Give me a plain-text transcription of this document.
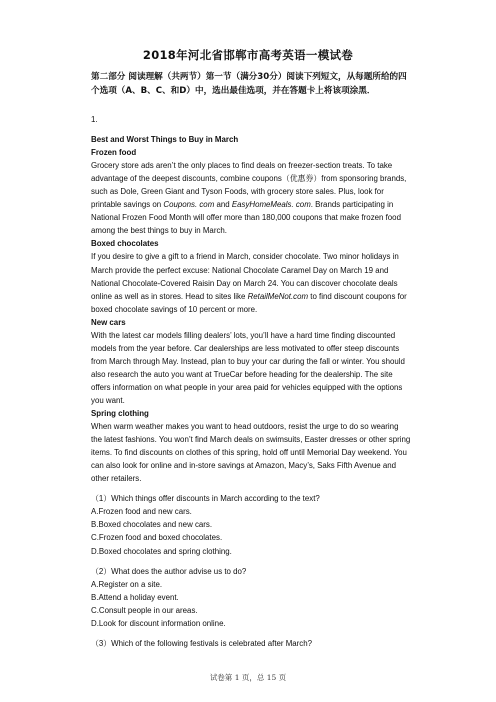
2018年河北省邯郸市高考英语一模试卷
第二部分 阅读理解（共两节）第一节（满分30分）阅读下列短文，从每题所给的四个选项（A、B、C、和D）中，选出最佳选项，并在答题卡上将该项涂黑．

1.

Best and Worst Things to Buy in March

Frozen food

Grocery store ads aren’t the only places to find deals on freezer-section treats. To take advantage of the deepest discounts, combine coupons（优惠券）from sponsoring brands, such as Dole, Green Giant and Tyson Foods, with grocery store sales. Plus, look for printable savings on Coupons. com and EasyHomeMeals. com. Brands participating in National Frozen Food Month will offer more than 180,000 coupons that make frozen food among the best things to buy in March.

Boxed chocolates

If you desire to give a gift to a friend in March, consider chocolate. Two minor holidays in March provide the perfect excuse: National Chocolate Caramel Day on March 19 and National Chocolate-Covered Raisin Day on March 24. You can discover chocolate deals online as well as in stores. Head to sites like RetailMeNot.com to find discount coupons for boxed chocolate savings of 10 percent or more.

New cars

With the latest car models filling dealers’ lots, you’ll have a hard time finding discounted models from the year before. Car dealerships are less motivated to offer steep discounts from March through May. Instead, plan to buy your car during the fall or winter. You should also research the auto you want at TrueCar before heading for the dealership. The site offers information on what people in your area paid for vehicles equipped with the options you want.

Spring clothing

When warm weather makes you want to head outdoors, resist the urge to do so wearing the latest fashions. You won’t find March deals on swimsuits, Easter dresses or other spring items. To find discounts on clothes of this spring, hold off until Memorial Day weekend. You can also look for online and in-store savings at Amazon, Macy’s, Saks Fifth Avenue and other retailers.

（1）Which things offer discounts in March according to the text?

A.Frozen food and new cars.

B.Boxed chocolates and new cars.

C.Frozen food and boxed chocolates.

D.Boxed chocolates and spring clothing.

（2）What does the author advise us to do?

A.Register on a site.

B.Attend a holiday event.

C.Consult people in our areas.

D.Look for discount information online.

（3）Which of the following festivals is celebrated after March?

试卷第 1 页，总 15 页
